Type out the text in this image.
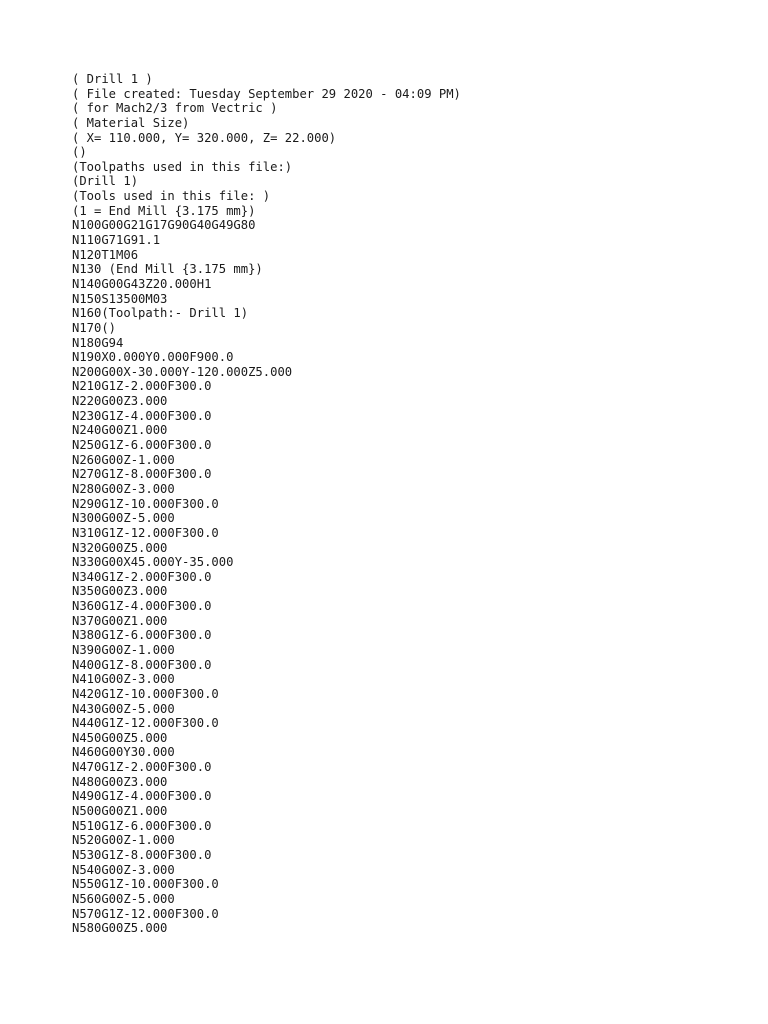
( Drill 1 )
( File created: Tuesday September 29 2020 - 04:09 PM)
( for Mach2/3 from Vectric )
( Material Size)
( X= 110.000, Y= 320.000, Z= 22.000)
()
(Toolpaths used in this file:)
(Drill 1)
(Tools used in this file: )
(1 = End Mill {3.175 mm})
N100G00G21G17G90G40G49G80
N110G71G91.1
N120T1M06
N130 (End Mill {3.175 mm})
N140G00G43Z20.000H1
N150S13500M03
N160(Toolpath:- Drill 1)
N170()
N180G94
N190X0.000Y0.000F900.0
N200G00X-30.000Y-120.000Z5.000
N210G1Z-2.000F300.0
N220G00Z3.000
N230G1Z-4.000F300.0
N240G00Z1.000
N250G1Z-6.000F300.0
N260G00Z-1.000
N270G1Z-8.000F300.0
N280G00Z-3.000
N290G1Z-10.000F300.0
N300G00Z-5.000
N310G1Z-12.000F300.0
N320G00Z5.000
N330G00X45.000Y-35.000
N340G1Z-2.000F300.0
N350G00Z3.000
N360G1Z-4.000F300.0
N370G00Z1.000
N380G1Z-6.000F300.0
N390G00Z-1.000
N400G1Z-8.000F300.0
N410G00Z-3.000
N420G1Z-10.000F300.0
N430G00Z-5.000
N440G1Z-12.000F300.0
N450G00Z5.000
N460G00Y30.000
N470G1Z-2.000F300.0
N480G00Z3.000
N490G1Z-4.000F300.0
N500G00Z1.000
N510G1Z-6.000F300.0
N520G00Z-1.000
N530G1Z-8.000F300.0
N540G00Z-3.000
N550G1Z-10.000F300.0
N560G00Z-5.000
N570G1Z-12.000F300.0
N580G00Z5.000
